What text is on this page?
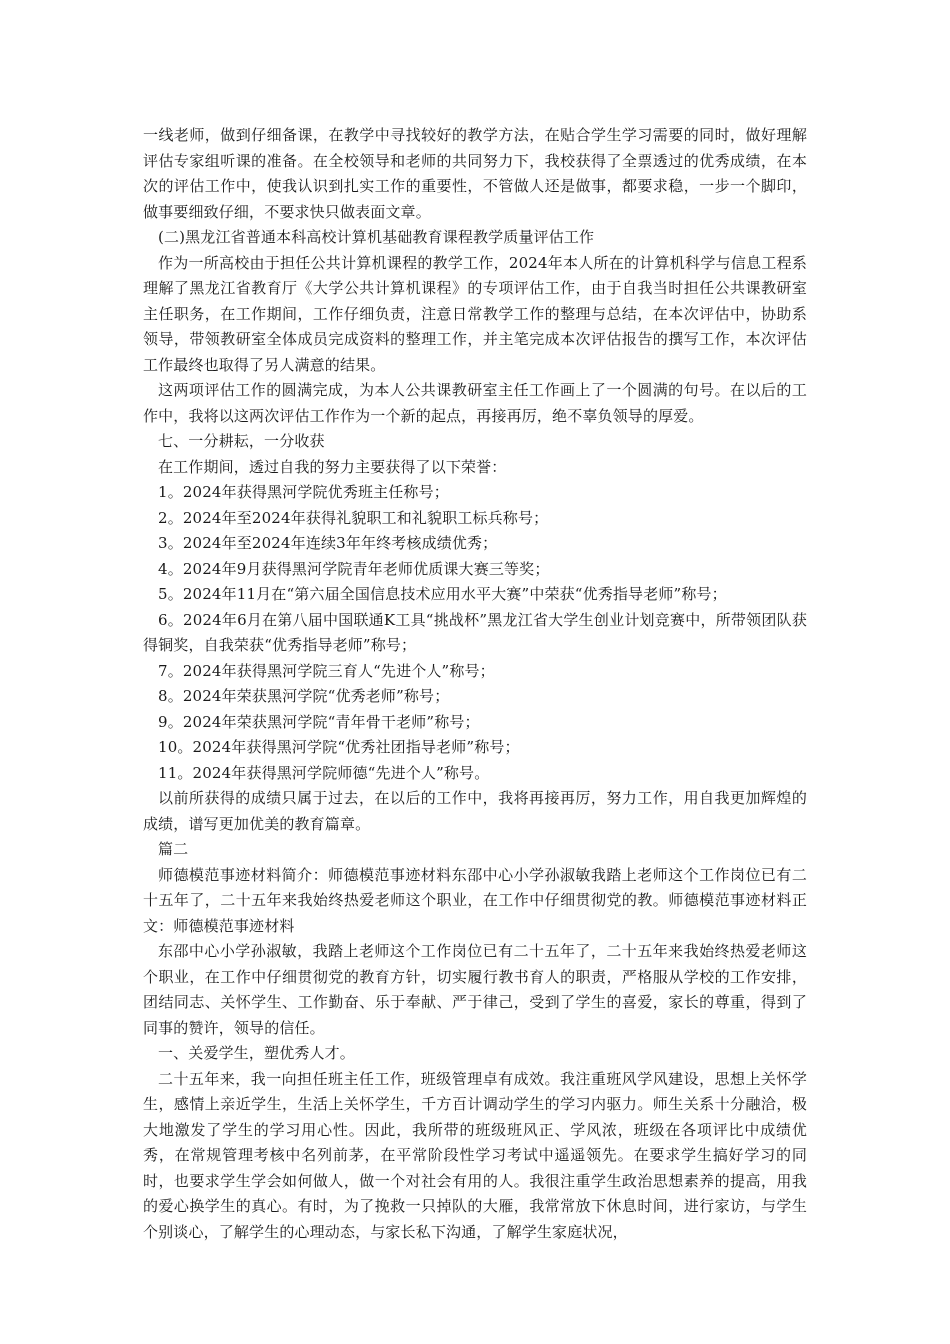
一线老师，做到仔细备课，在教学中寻找较好的教学方法，在贴合学生学习需要的同时，做好理解评估专家组听课的准备。在全校领导和老师的共同努力下，我校获得了全票透过的优秀成绩，在本次的评估工作中，使我认识到扎实工作的重要性，不管做人还是做事，都要求稳，一步一个脚印，做事要细致仔细，不要求快只做表面文章。

(二)黑龙江省普通本科高校计算机基础教育课程教学质量评估工作

作为一所高校由于担任公共计算机课程的教学工作，2024年本人所在的计算机科学与信息工程系理解了黑龙江省教育厅《大学公共计算机课程》的专项评估工作，由于自我当时担任公共课教研室主任职务，在工作期间，工作仔细负责，注意日常教学工作的整理与总结，在本次评估中，协助系领导，带领教研室全体成员完成资料的整理工作，并主笔完成本次评估报告的撰写工作，本次评估工作最终也取得了另人满意的结果。

这两项评估工作的圆满完成，为本人公共课教研室主任工作画上了一个圆满的句号。在以后的工作中，我将以这两次评估工作作为一个新的起点，再接再厉，绝不辜负领导的厚爱。

七、一分耕耘，一分收获

在工作期间，透过自我的努力主要获得了以下荣誉：

1。2024年获得黑河学院优秀班主任称号；

2。2024年至2024年获得礼貌职工和礼貌职工标兵称号；

3。2024年至2024年连续3年年终考核成绩优秀；

4。2024年9月获得黑河学院青年老师优质课大赛三等奖；

5。2024年11月在“第六届全国信息技术应用水平大赛”中荣获“优秀指导老师”称号；

6。2024年6月在第八届中国联通K工具“挑战杯”黑龙江省大学生创业计划竞赛中，所带领团队获得铜奖，自我荣获“优秀指导老师”称号；

7。2024年获得黑河学院三育人“先进个人”称号；

8。2024年荣获黑河学院“优秀老师”称号；

9。2024年荣获黑河学院“青年骨干老师”称号；

10。2024年获得黑河学院“优秀社团指导老师”称号；

11。2024年获得黑河学院师德“先进个人”称号。

以前所获得的成绩只属于过去，在以后的工作中，我将再接再厉，努力工作，用自我更加辉煌的成绩，谱写更加优美的教育篇章。

篇二

师德模范事迹材料简介：师德模范事迹材料东邵中心小学孙淑敏我踏上老师这个工作岗位已有二十五年了，二十五年来我始终热爱老师这个职业，在工作中仔细贯彻党的教。师德模范事迹材料正文：师德模范事迹材料

东邵中心小学孙淑敏，我踏上老师这个工作岗位已有二十五年了，二十五年来我始终热爱老师这个职业，在工作中仔细贯彻党的教育方针，切实履行教书育人的职责，严格服从学校的工作安排，团结同志、关怀学生、工作勤奋、乐于奉献、严于律己，受到了学生的喜爱，家长的尊重，得到了同事的赞许，领导的信任。

一、关爱学生，塑优秀人才。

二十五年来，我一向担任班主任工作，班级管理卓有成效。我注重班风学风建设，思想上关怀学生，感情上亲近学生，生活上关怀学生，千方百计调动学生的学习内驱力。师生关系十分融洽，极大地激发了学生的学习用心性。因此，我所带的班级班风正、学风浓，班级在各项评比中成绩优秀，在常规管理考核中名列前茅，在平常阶段性学习考试中遥遥领先。在要求学生搞好学习的同时，也要求学生学会如何做人，做一个对社会有用的人。我很注重学生政治思想素养的提高，用我的爱心换学生的真心。有时，为了挽救一只掉队的大雁，我常常放下休息时间，进行家访，与学生个别谈心，了解学生的心理动态，与家长私下沟通，了解学生家庭状况，
